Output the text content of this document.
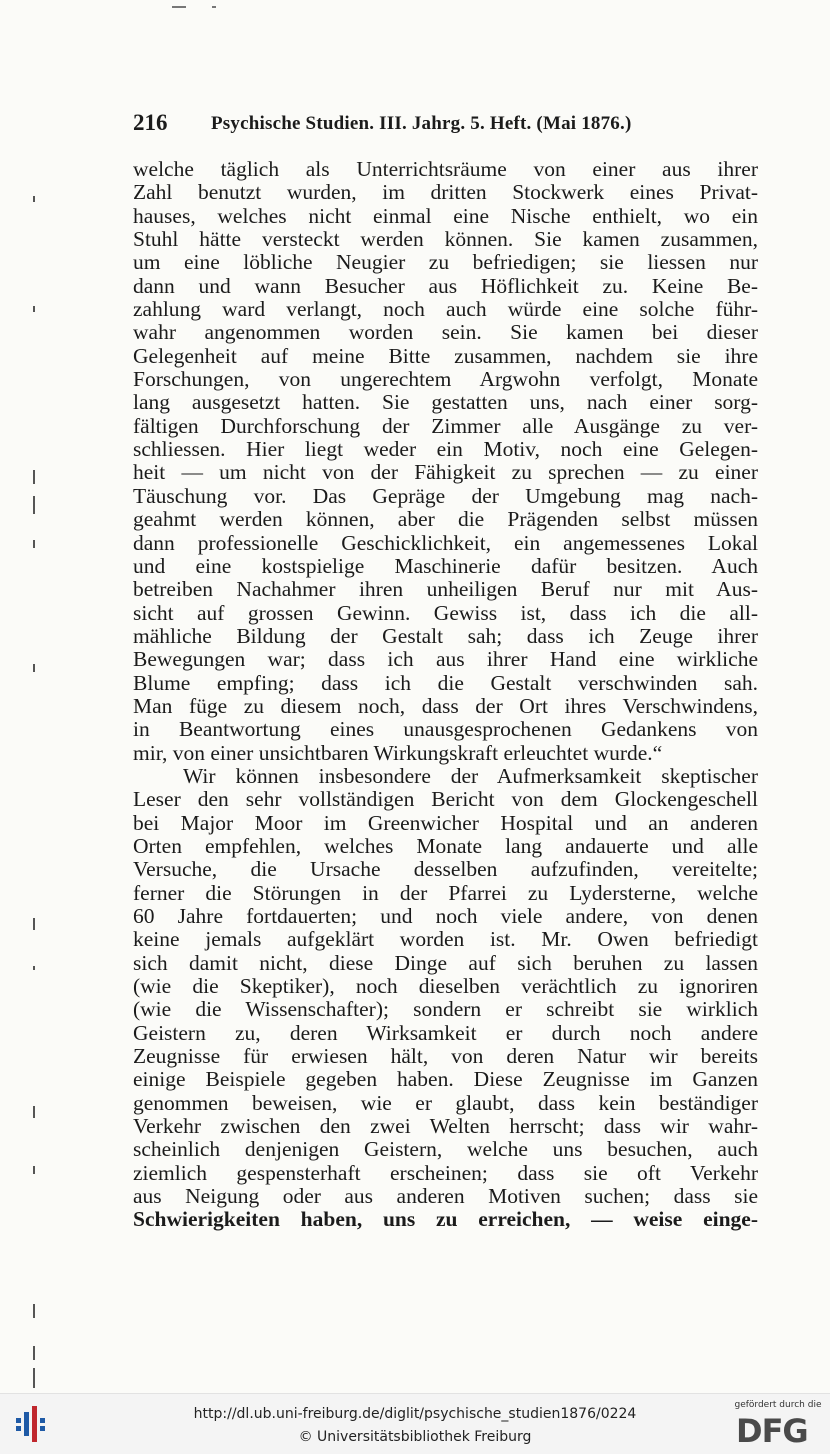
216 Psychische Studien. III. Jahrg. 5. Heft. (Mai 1876.)
welche täglich als Unterrichtsräume von einer aus ihrer
Zahl benutzt wurden, im dritten Stockwerk eines Privat-
hauses, welches nicht einmal eine Nische enthielt, wo ein
Stuhl hätte versteckt werden können. Sie kamen zusammen,
um eine löbliche Neugier zu befriedigen; sie liessen nur
dann und wann Besucher aus Höflichkeit zu. Keine Be-
zahlung ward verlangt, noch auch würde eine solche führ-
wahr angenommen worden sein. Sie kamen bei dieser
Gelegenheit auf meine Bitte zusammen, nachdem sie ihre
Forschungen, von ungerechtem Argwohn verfolgt, Monate
lang ausgesetzt hatten. Sie gestatten uns, nach einer sorg-
fältigen Durchforschung der Zimmer alle Ausgänge zu ver-
schliessen. Hier liegt weder ein Motiv, noch eine Gelegen-
heit — um nicht von der Fähigkeit zu sprechen — zu einer
Täuschung vor. Das Gepräge der Umgebung mag nach-
geahmt werden können, aber die Prägenden selbst müssen
dann professionelle Geschicklichkeit, ein angemessenes Lokal
und eine kostspielige Maschinerie dafür besitzen. Auch
betreiben Nachahmer ihren unheiligen Beruf nur mit Aus-
sicht auf grossen Gewinn. Gewiss ist, dass ich die all-
mähliche Bildung der Gestalt sah; dass ich Zeuge ihrer
Bewegungen war; dass ich aus ihrer Hand eine wirkliche
Blume empfing; dass ich die Gestalt verschwinden sah.
Man füge zu diesem noch, dass der Ort ihres Verschwindens,
in Beantwortung eines unausgesprochenen Gedankens von
mir, von einer unsichtbaren Wirkungskraft erleuchtet wurde.“
Wir können insbesondere der Aufmerksamkeit skeptischer
Leser den sehr vollständigen Bericht von dem Glockengeschell
bei Major Moor im Greenwicher Hospital und an anderen
Orten empfehlen, welches Monate lang andauerte und alle
Versuche, die Ursache desselben aufzufinden, vereitelte;
ferner die Störungen in der Pfarrei zu Lydersterne, welche
60 Jahre fortdauerten; und noch viele andere, von denen
keine jemals aufgeklärt worden ist. Mr. Owen befriedigt
sich damit nicht, diese Dinge auf sich beruhen zu lassen
(wie die Skeptiker), noch dieselben verächtlich zu ignoriren
(wie die Wissenschafter); sondern er schreibt sie wirklich
Geistern zu, deren Wirksamkeit er durch noch andere
Zeugnisse für erwiesen hält, von deren Natur wir bereits
einige Beispiele gegeben haben. Diese Zeugnisse im Ganzen
genommen beweisen, wie er glaubt, dass kein beständiger
Verkehr zwischen den zwei Welten herrscht; dass wir wahr-
scheinlich denjenigen Geistern, welche uns besuchen, auch
ziemlich gespensterhaft erscheinen; dass sie oft Verkehr
aus Neigung oder aus anderen Motiven suchen; dass sie
Schwierigkeiten haben, uns zu erreichen, — weise einge-
http://dl.ub.uni-freiburg.de/diglit/psychische_studien1876/0224
© Universitätsbibliothek Freiburg
gefördert durch die
DFG
